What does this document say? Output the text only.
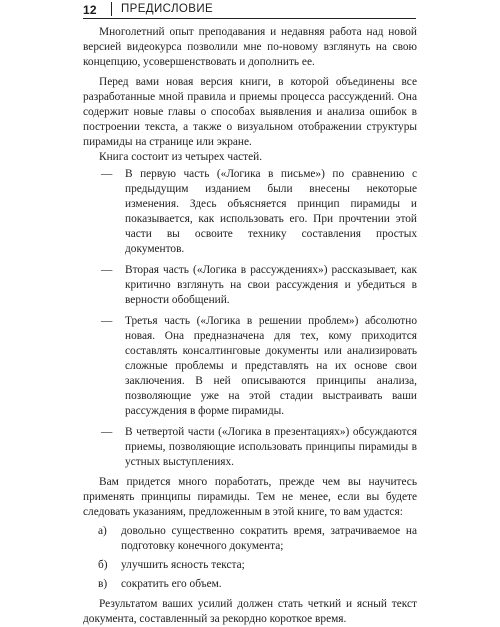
12 ПРЕДИСЛОВИЕ

Многолетний опыт преподавания и недавняя работа над новой версией видеокурса позволили мне по-новому взглянуть на свою концепцию, усовершенствовать и дополнить ее.

Перед вами новая версия книги, в которой объединены все разработанные мной правила и приемы процесса рассуждений. Она содержит новые главы о способах выявления и анализа ошибок в построении текста, а также о визуальном отображении структуры пирамиды на странице или экране.

Книга состоит из четырех частей.

— В первую часть («Логика в письме») по сравнению с предыдущим изданием были внесены некоторые изменения. Здесь объясняется принцип пирамиды и показывается, как использовать его. При прочтении этой части вы освоите технику составления простых документов.
— Вторая часть («Логика в рассуждениях») рассказывает, как критично взглянуть на свои рассуждения и убедиться в верности обобщений.
— Третья часть («Логика в решении проблем») абсолютно новая. Она предназначена для тех, кому приходится составлять консалтинговые документы или анализировать сложные проблемы и представлять на их основе свои заключения. В ней описываются принципы анализа, позволяющие уже на этой стадии выстраивать ваши рассуждения в форме пирамиды.
— В четвертой части («Логика в презентациях») обсуждаются приемы, позволяющие использовать принципы пирамиды в устных выступлениях.

Вам придется много поработать, прежде чем вы научитесь применять принципы пирамиды. Тем не менее, если вы будете следовать указаниям, предложенным в этой книге, то вам удастся:

а) довольно существенно сократить время, затрачиваемое на подготовку конечного документа;
б) улучшить ясность текста;
в) сократить его объем.

Результатом ваших усилий должен стать четкий и ясный текст документа, составленный за рекордно короткое время.
